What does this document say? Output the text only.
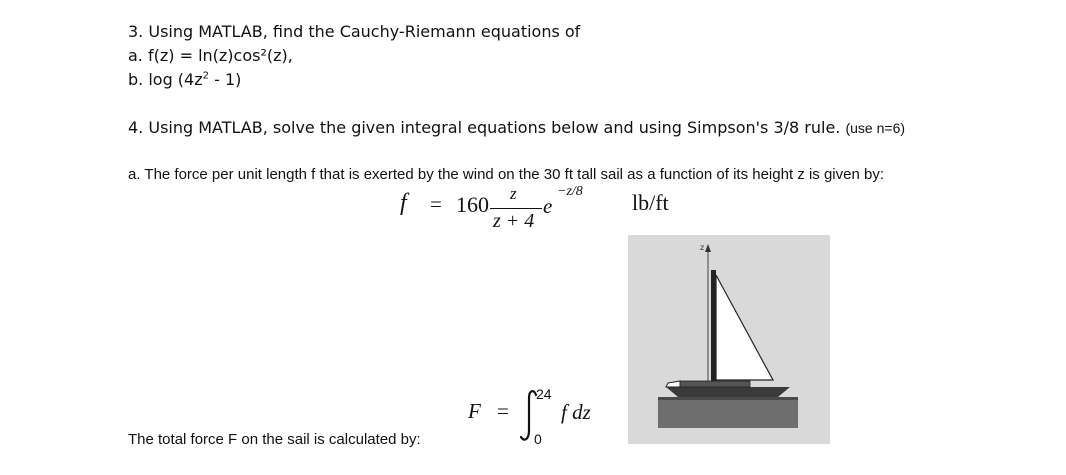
3. Using MATLAB, find the Cauchy-Riemann equations of
a. f(z) = ln(z)cos²(z),
b. $\log (4z^2 - 1)$
4. Using MATLAB, solve the given integral equations below and using Simpson's 3/8 rule. (use n=6)
a. The force per unit length f that is exerted by the wind on the 30 ft tall sail as a function of its height z is given by:
f = 160 z
z + 4
e
−z/8 lb/ft
F =
24
0
f dz
The total force F on the sail is calculated by:
z
